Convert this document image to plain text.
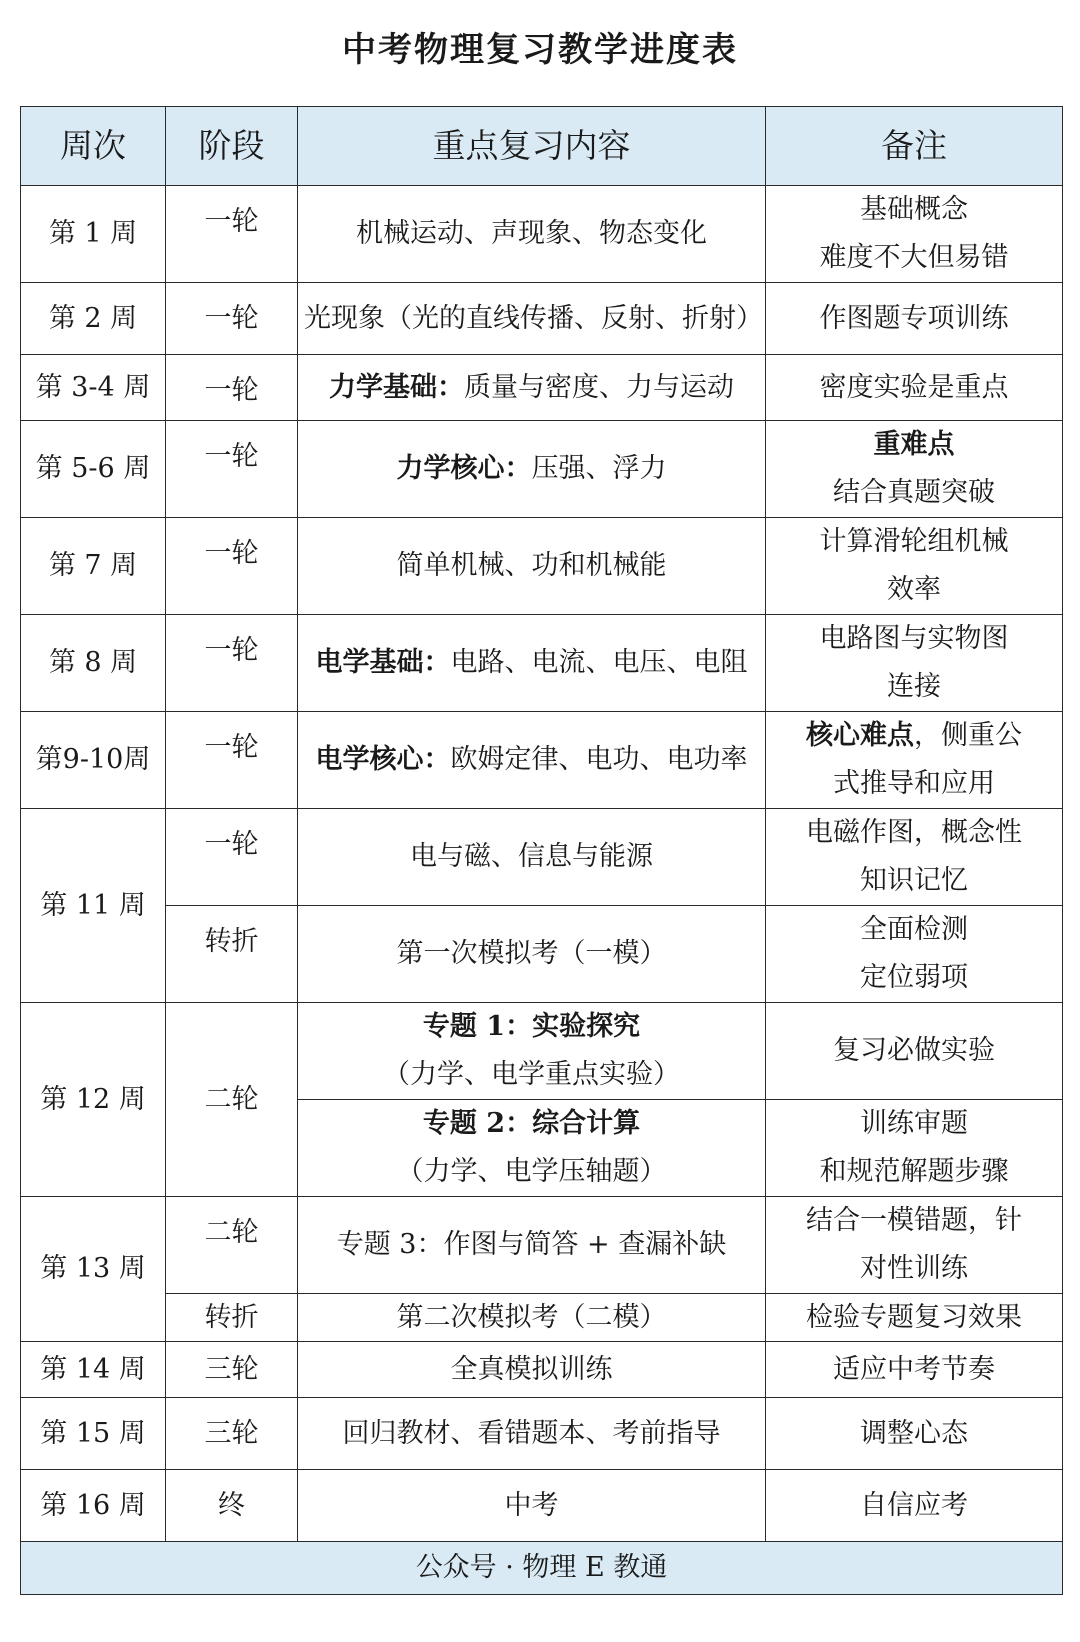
中考物理复习教学进度表
周次	阶段	重点复习内容	备注
第 1 周	一轮	机械运动、声现象、物态变化	基础概念
难度不大但易错

第 2 周	一轮	光现象（光的直线传播、反射、折射）	作图题专项训练
第 3-4 周	一轮	力学基础：质量与密度、力与运动	密度实验是重点
第 5-6 周	一轮	力学核心：压强、浮力	重难点
结合真题突破

第 7 周	一轮	简单机械、功和机械能	计算滑轮组机械
效率

第 8 周	一轮	电学基础：电路、电流、电压、电阻	电路图与实物图
连接

第9-10周	一轮	电学核心：欧姆定律、电功、电功率	核心难点，侧重公
式推导和应用

第 11 周	一轮	电与磁、信息与能源	电磁作图，概念性
知识记忆

	转折	第一次模拟考（一模）	全面检测
定位弱项

第 12 周	二轮	专题 1：实验探究
（力学、电学重点实验）	复习必做实验

		专题 2：综合计算
（力学、电学压轴题）	训练审题
和规范解题步骤

第 13 周	二轮	专题 3：作图与简答 + 查漏补缺	结合一模错题，针
对性训练

	转折	第二次模拟考（二模）	检验专题复习效果
第 14 周	三轮	全真模拟训练	适应中考节奏
第 15 周	三轮	回归教材、看错题本、考前指导	调整心态
第 16 周	终	中考	自信应考
公众号 · 物理 E 教通			
